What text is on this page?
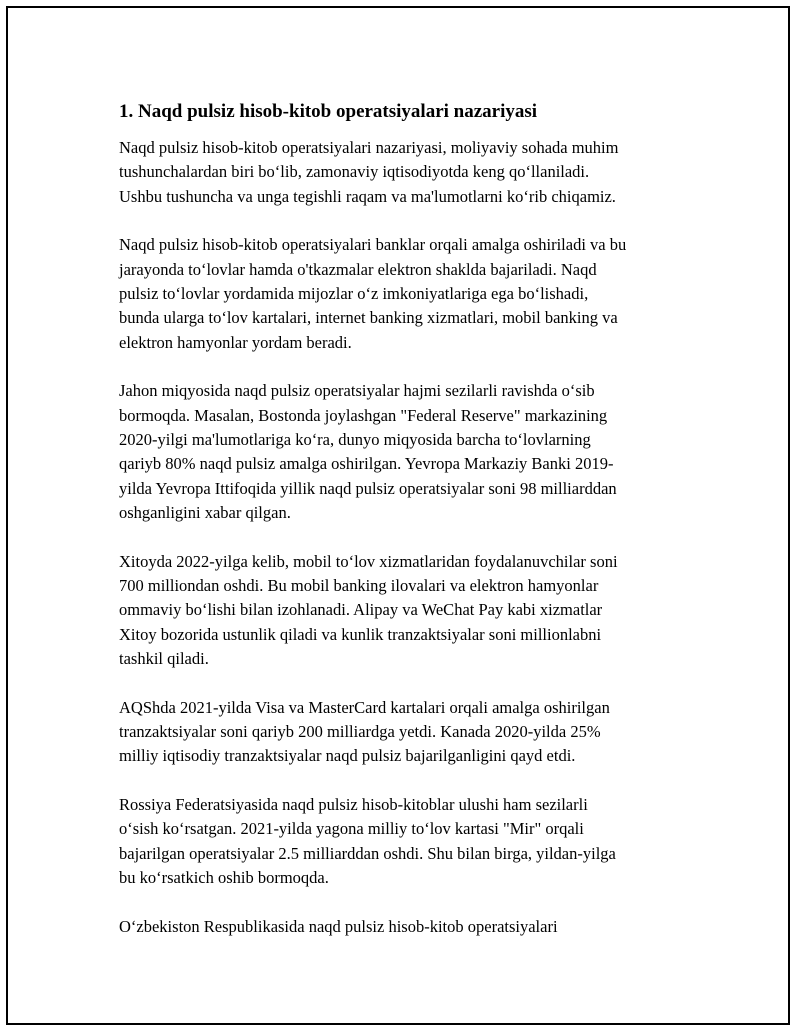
1. Naqd pulsiz hisob-kitob operatsiyalari nazariyasi

Naqd pulsiz hisob-kitob operatsiyalari nazariyasi, moliyaviy sohada muhim
tushunchalardan biri bo‘lib, zamonaviy iqtisodiyotda keng qo‘llaniladi.
Ushbu tushuncha va unga tegishli raqam va ma'lumotlarni ko‘rib chiqamiz.

Naqd pulsiz hisob-kitob operatsiyalari banklar orqali amalga oshiriladi va bu
jarayonda to‘lovlar hamda o'tkazmalar elektron shaklda bajariladi. Naqd
pulsiz to‘lovlar yordamida mijozlar o‘z imkoniyatlariga ega bo‘lishadi,
bunda ularga to‘lov kartalari, internet banking xizmatlari, mobil banking va
elektron hamyonlar yordam beradi.

Jahon miqyosida naqd pulsiz operatsiyalar hajmi sezilarli ravishda o‘sib
bormoqda. Masalan, Bostonda joylashgan "Federal Reserve" markazining
2020-yilgi ma'lumotlariga ko‘ra, dunyo miqyosida barcha to‘lovlarning
qariyb 80% naqd pulsiz amalga oshirilgan. Yevropa Markaziy Banki 2019-
yilda Yevropa Ittifoqida yillik naqd pulsiz operatsiyalar soni 98 milliarddan
oshganligini xabar qilgan.

Xitoyda 2022-yilga kelib, mobil to‘lov xizmatlaridan foydalanuvchilar soni
700 milliondan oshdi. Bu mobil banking ilovalari va elektron hamyonlar
ommaviy bo‘lishi bilan izohlanadi. Alipay va WeChat Pay kabi xizmatlar
Xitoy bozorida ustunlik qiladi va kunlik tranzaktsiyalar soni millionlabni
tashkil qiladi.

AQShda 2021-yilda Visa va MasterCard kartalari orqali amalga oshirilgan
tranzaktsiyalar soni qariyb 200 milliardga yetdi. Kanada 2020-yilda 25%
milliy iqtisodiy tranzaktsiyalar naqd pulsiz bajarilganligini qayd etdi.

Rossiya Federatsiyasida naqd pulsiz hisob-kitoblar ulushi ham sezilarli
o‘sish ko‘rsatgan. 2021-yilda yagona milliy to‘lov kartasi "Mir" orqali
bajarilgan operatsiyalar 2.5 milliarddan oshdi. Shu bilan birga, yildan-yilga
bu ko‘rsatkich oshib bormoqda.

O‘zbekiston Respublikasida naqd pulsiz hisob-kitob operatsiyalari
